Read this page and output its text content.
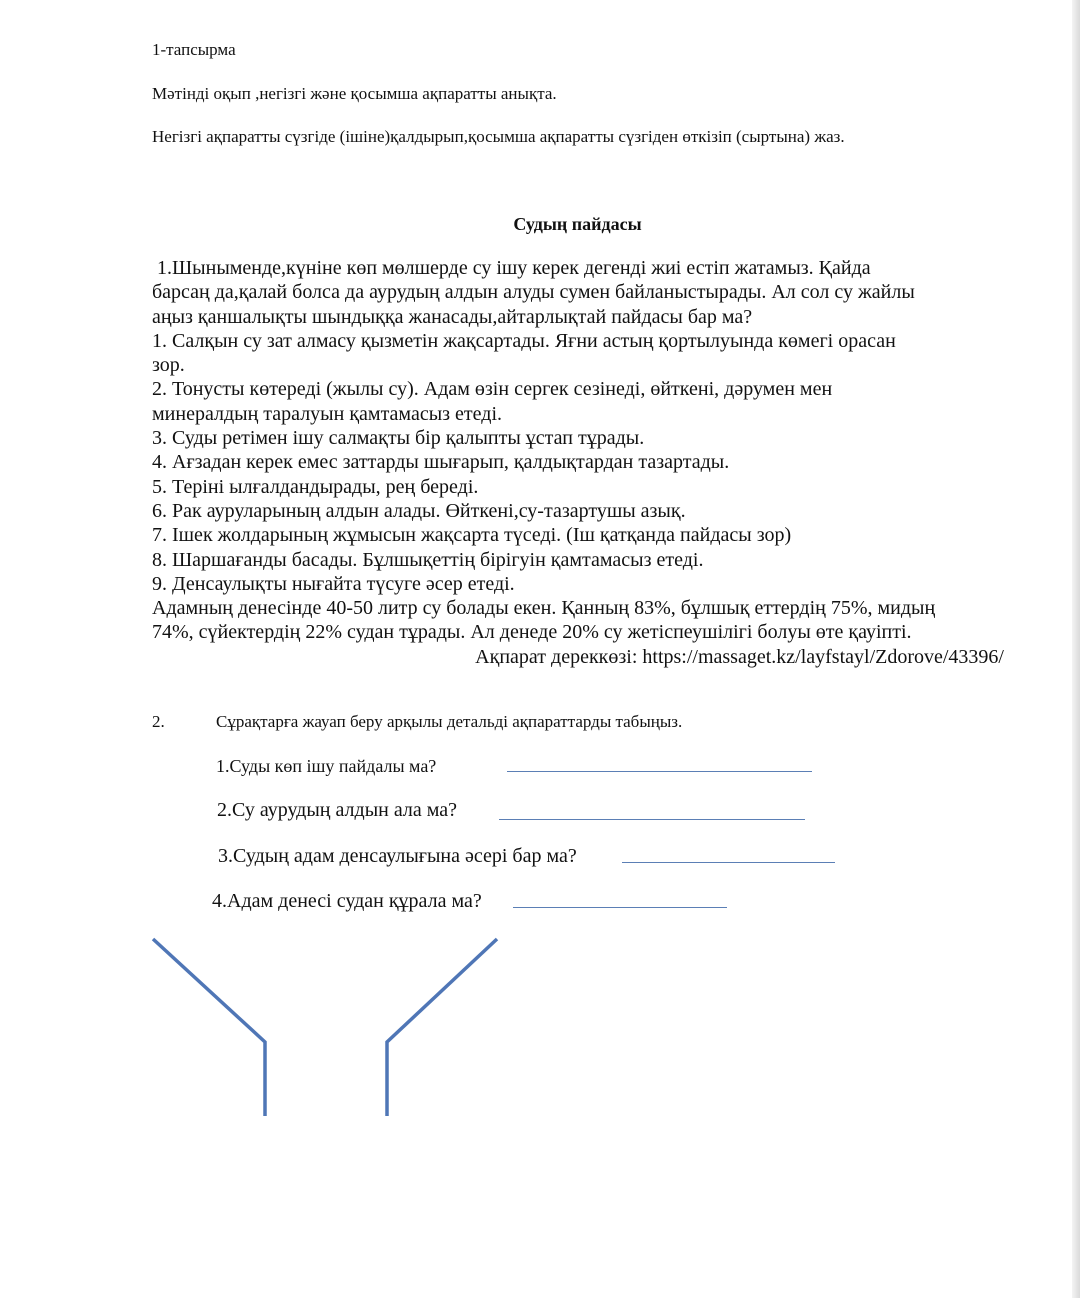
1-тапсырма
Мәтінді оқып ,негізгі және қосымша ақпаратты анықта.
Негізгі ақпаратты сүзгіде (ішіне)қалдырып,қосымша ақпаратты сүзгіден өткізіп (сыртына) жаз.
Судың пайдасы
1.Шыныменде,күніне көп мөлшерде су ішу керек дегенді жиі естіп жатамыз. Қайда
барсаң да,қалай болса да аурудың алдын алуды сумен байланыстырады. Ал сол су жайлы
аңыз қаншалықты шындыққа жанасады,айтарлықтай пайдасы бар ма?
1. Салқын су зат алмасу қызметін жақсартады. Яғни астың қортылуында көмегі орасан
зор.
2. Тонусты көтереді (жылы су). Адам өзін сергек сезінеді, өйткені, дәрумен мен
минералдың таралуын қамтамасыз етеді.
3. Суды ретімен ішу салмақты бір қалыпты ұстап тұрады.
4. Ағзадан керек емес заттарды шығарып, қалдықтардан тазартады.
5. Теріні ылғалдандырады, рең береді.
6. Рак ауруларының алдын алады. Өйткені,су-тазартушы азық.
7. Ішек жолдарының жұмысын жақсарта түседі. (Іш қатқанда пайдасы зор)
8. Шаршағанды басады. Бұлшықеттің бірігуін қамтамасыз етеді.
9. Денсаулықты нығайта түсуге әсер етеді.
Адамның денесінде 40-50 литр су болады екен. Қанның 83%, бұлшық еттердің 75%, мидың
74%, сүйектердің 22% судан тұрады. Ал денеде 20% су жетіспеушілігі болуы өте қауіпті.
Ақпарат дереккөзі: https://massaget.kz/layfstayl/Zdorove/43396/
2.	Сұрақтарға жауап беру арқылы детальді ақпараттарды табыңыз.
1.Суды көп ішу пайдалы ма?
2.Су аурудың алдын ала ма?
3.Судың адам денсаулығына әсері бар ма?
4.Адам денесі судан құрала ма?
